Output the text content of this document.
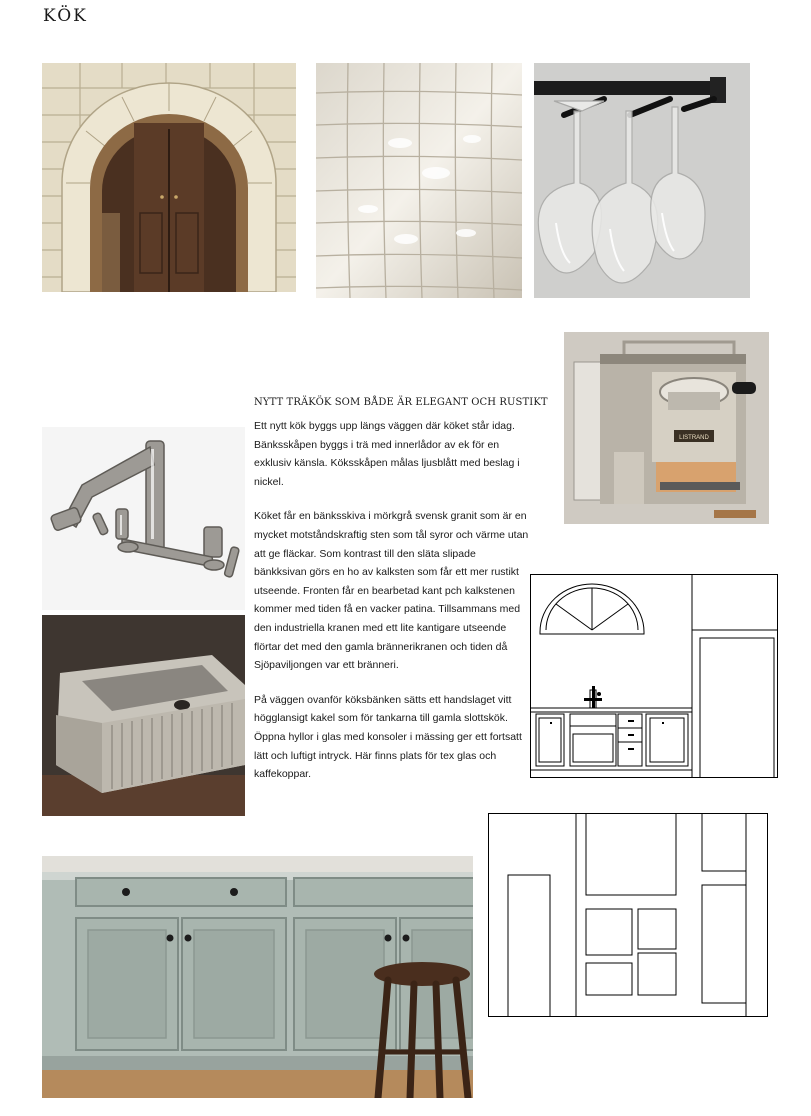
KÖK
LISTRAND
NYTT TRÄKÖK SOM BÅDE ÄR ELEGANT OCH RUSTIKT

Ett nytt kök byggs upp längs väggen där köket står idag. Bänksskåpen byggs i trä med innerlådor av ek för en exklusiv känsla. Köksskåpen målas ljusblått med beslag i nickel.

Köket får en bänksskiva i mörkgrå svensk granit som är en mycket motståndskraftig sten som tål syror och värme utan att ge fläckar. Som kontrast till den släta slipade bänkksivan görs en ho av kalksten som får ett mer rustikt utseende. Fronten får en bearbetad kant pch kalkstenen kommer med tiden få en vacker patina. Tillsammans med den industriella kranen med ett lite kantigare utseende flörtar det med den gamla brännerikranen och tiden då Sjöpaviljongen var ett bränneri.

På väggen ovanför köksbänken sätts ett handslaget vitt högglansigt kakel som för tankarna till gamla slottskök. Öppna hyllor i glas med konsoler i mässing ger ett fortsatt lätt och luftigt intryck. Här finns plats för tex glas och kaffekoppar.
